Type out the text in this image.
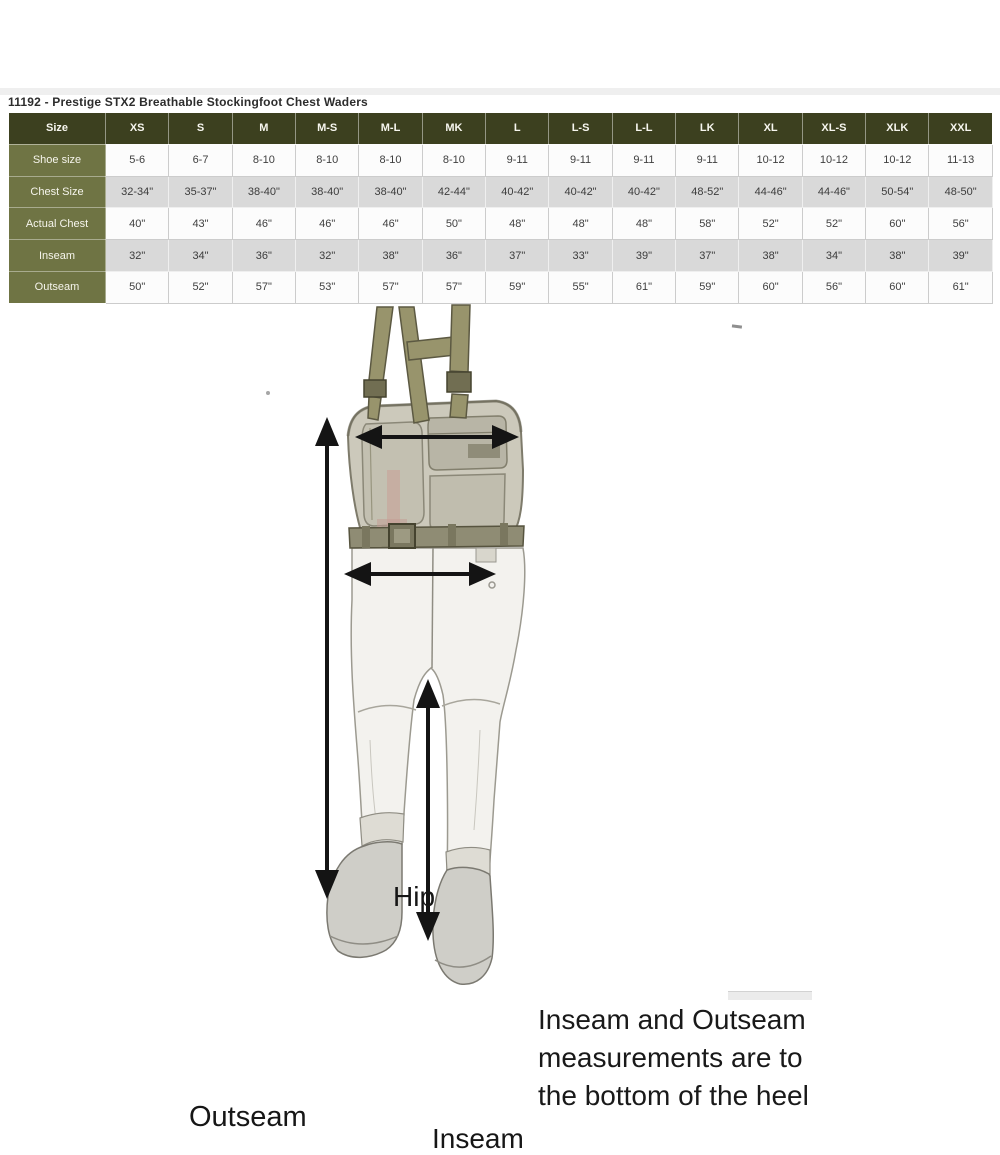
11192 - Prestige STX2 Breathable Stockingfoot Chest Waders
Size	XS	S	M	M-S	M-L	MK	L	L-S	L-L	LK	XL	XL-S	XLK	XXL
Shoe size	5-6	6-7	8-10	8-10	8-10	8-10	9-11	9-11	9-11	9-11	10-12	10-12	10-12	11-13
Chest Size	32-34"	35-37"	38-40"	38-40"	38-40"	42-44"	40-42"	40-42"	40-42"	48-52"	44-46"	44-46"	50-54"	48-50"
Actual Chest	40"	43"	46"	46"	46"	50"	48"	48"	48"	58"	52"	52"	60"	56"
Inseam	32"	34"	36"	32"	38"	36"	37"	33"	39"	37"	38"	34"	38"	39"
Outseam	50"	52"	57"	53"	57"	57"	59"	55"	61"	59"	60"	56"	60"	61"
Hip
Outseam
Inseam
Inseam and Outseam
measurements are to
the bottom of the heel
